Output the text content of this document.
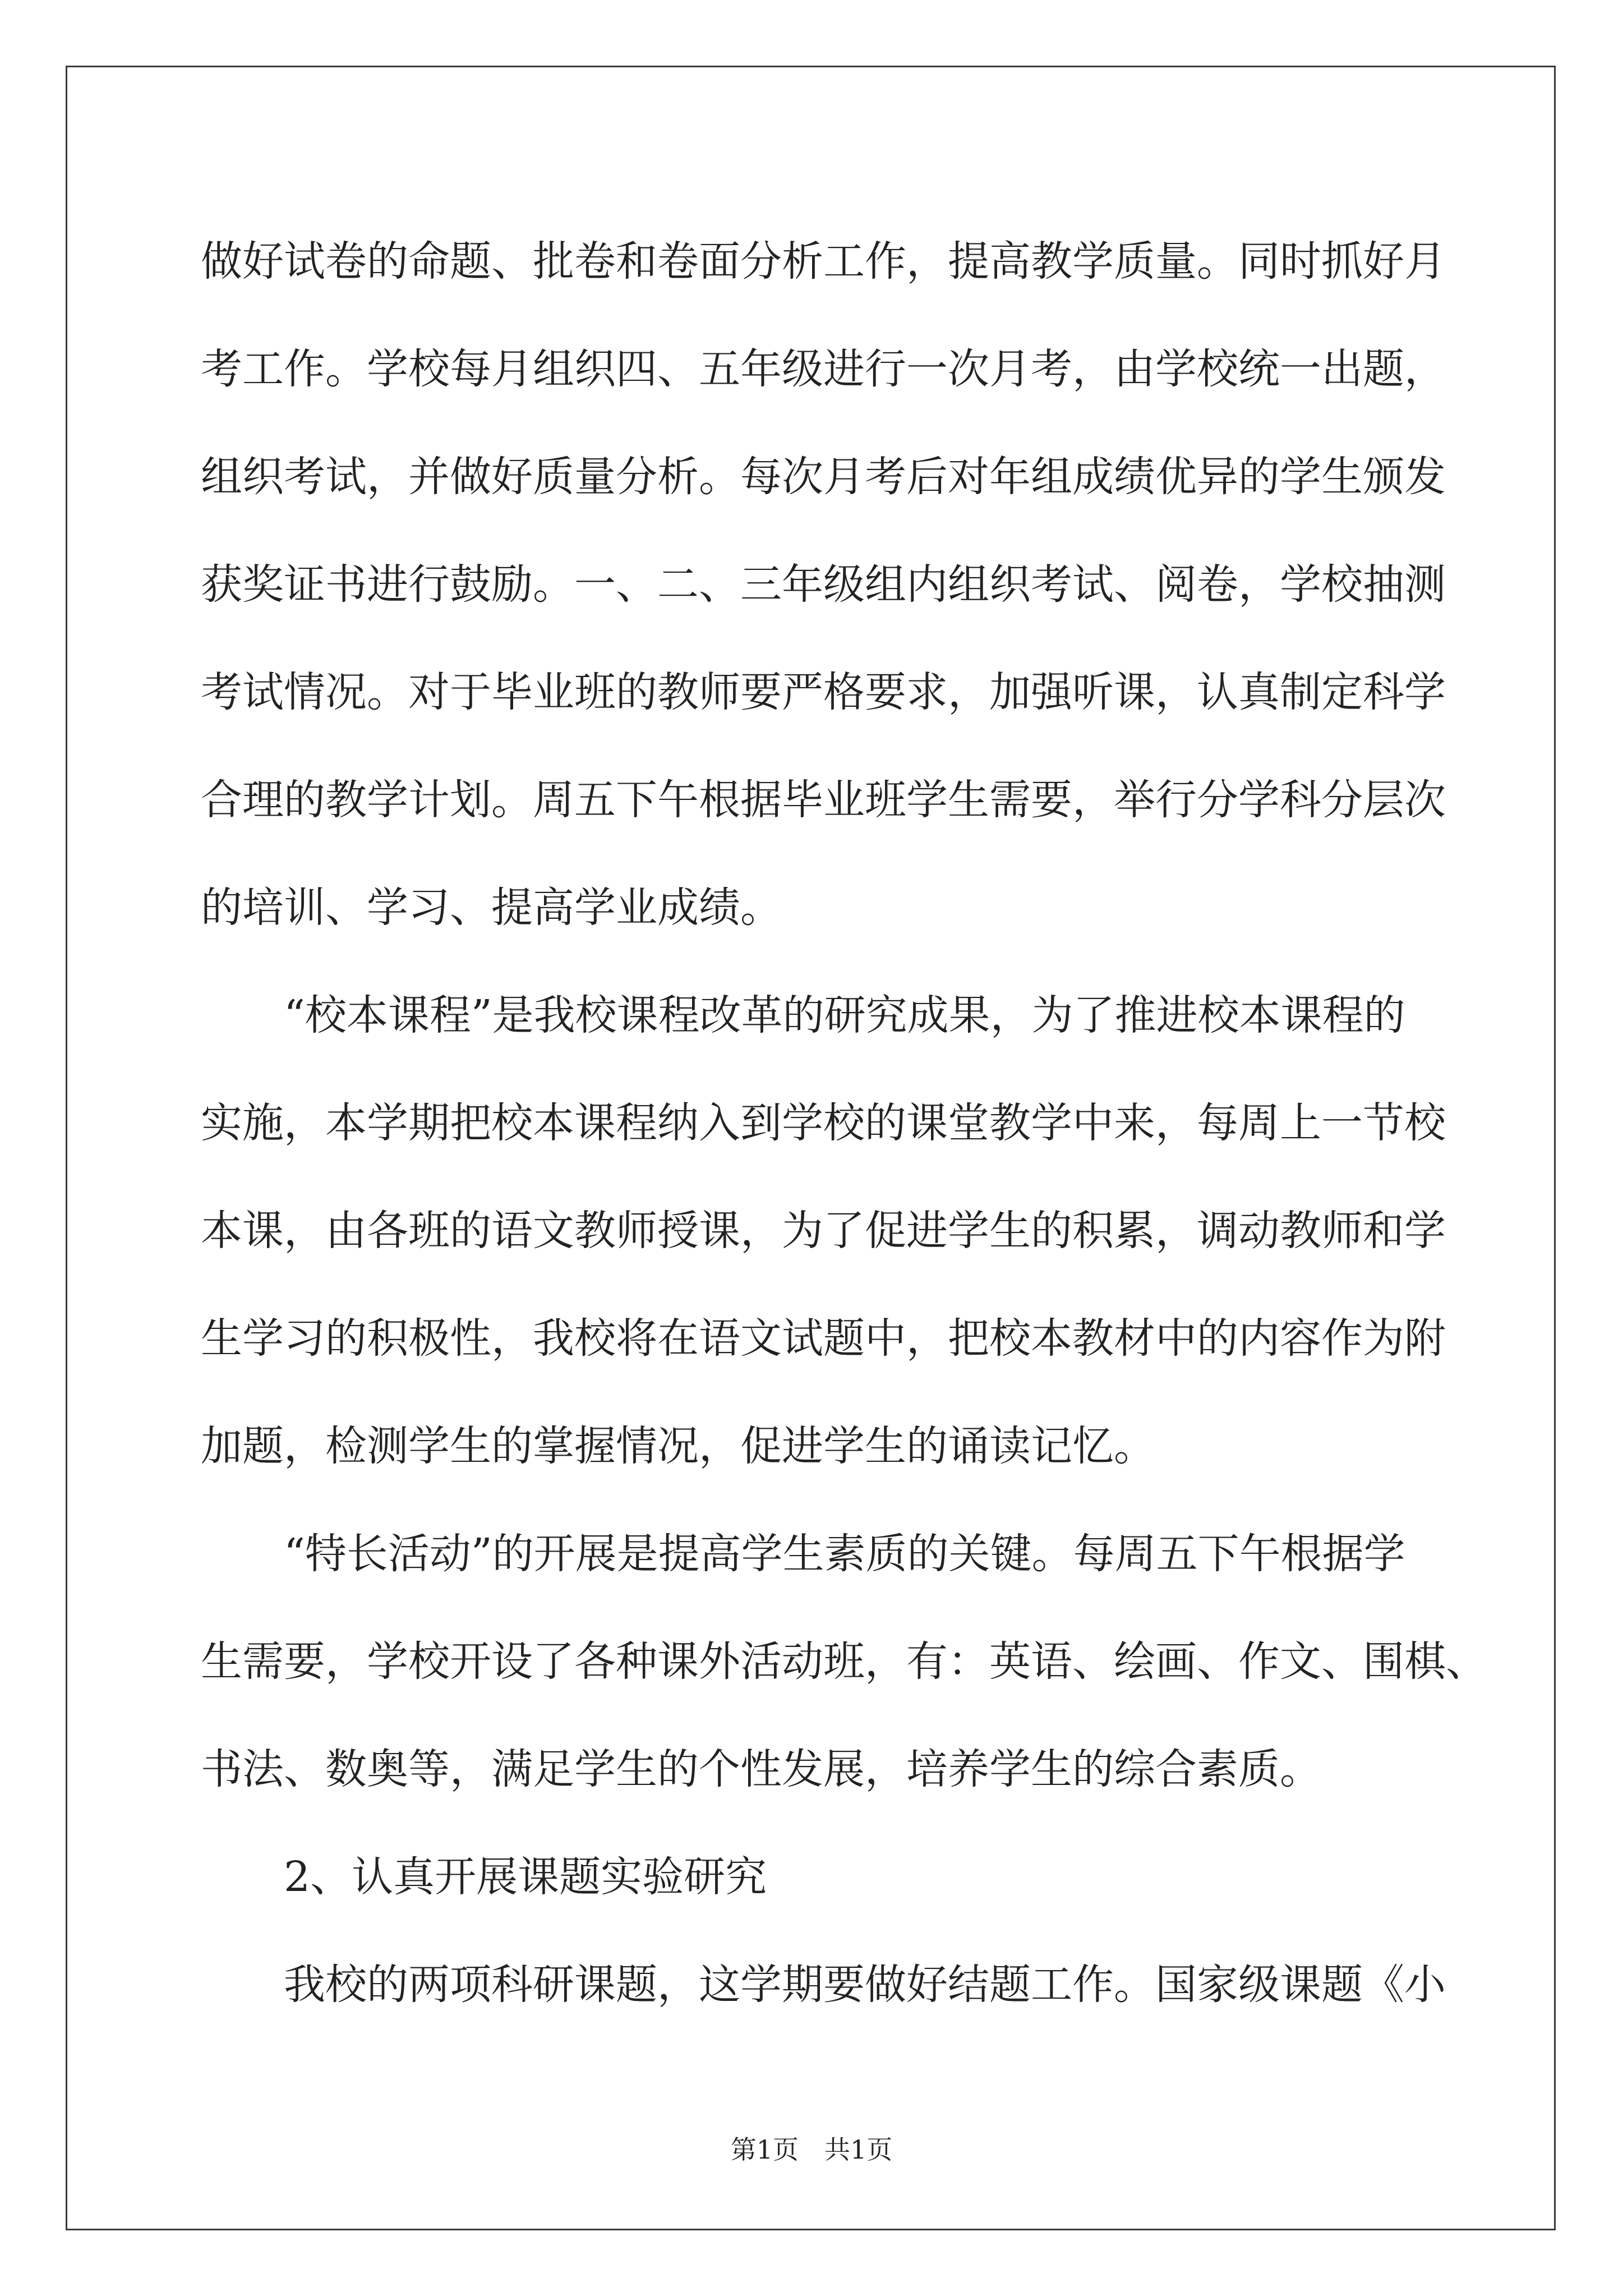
做好试卷的命题、批卷和卷面分析工作，提高教学质量。同时抓好月

考工作。学校每月组织四、五年级进行一次月考，由学校统一出题，

组织考试，并做好质量分析。每次月考后对年组成绩优异的学生颁发

获奖证书进行鼓励。一、二、三年级组内组织考试、阅卷，学校抽测

考试情况。对于毕业班的教师要严格要求，加强听课，认真制定科学

合理的教学计划。周五下午根据毕业班学生需要，举行分学科分层次

的培训、学习、提高学业成绩。

“校本课程”是我校课程改革的研究成果，为了推进校本课程的

实施，本学期把校本课程纳入到学校的课堂教学中来，每周上一节校

本课，由各班的语文教师授课，为了促进学生的积累，调动教师和学

生学习的积极性，我校将在语文试题中，把校本教材中的内容作为附

加题，检测学生的掌握情况，促进学生的诵读记忆。

“特长活动”的开展是提高学生素质的关键。每周五下午根据学

生需要，学校开设了各种课外活动班，有：英语、绘画、作文、围棋、

书法、数奥等，满足学生的个性发展，培养学生的综合素质。

2、认真开展课题实验研究

我校的两项科研课题，这学期要做好结题工作。国家级课题《小

第1页　共1页
